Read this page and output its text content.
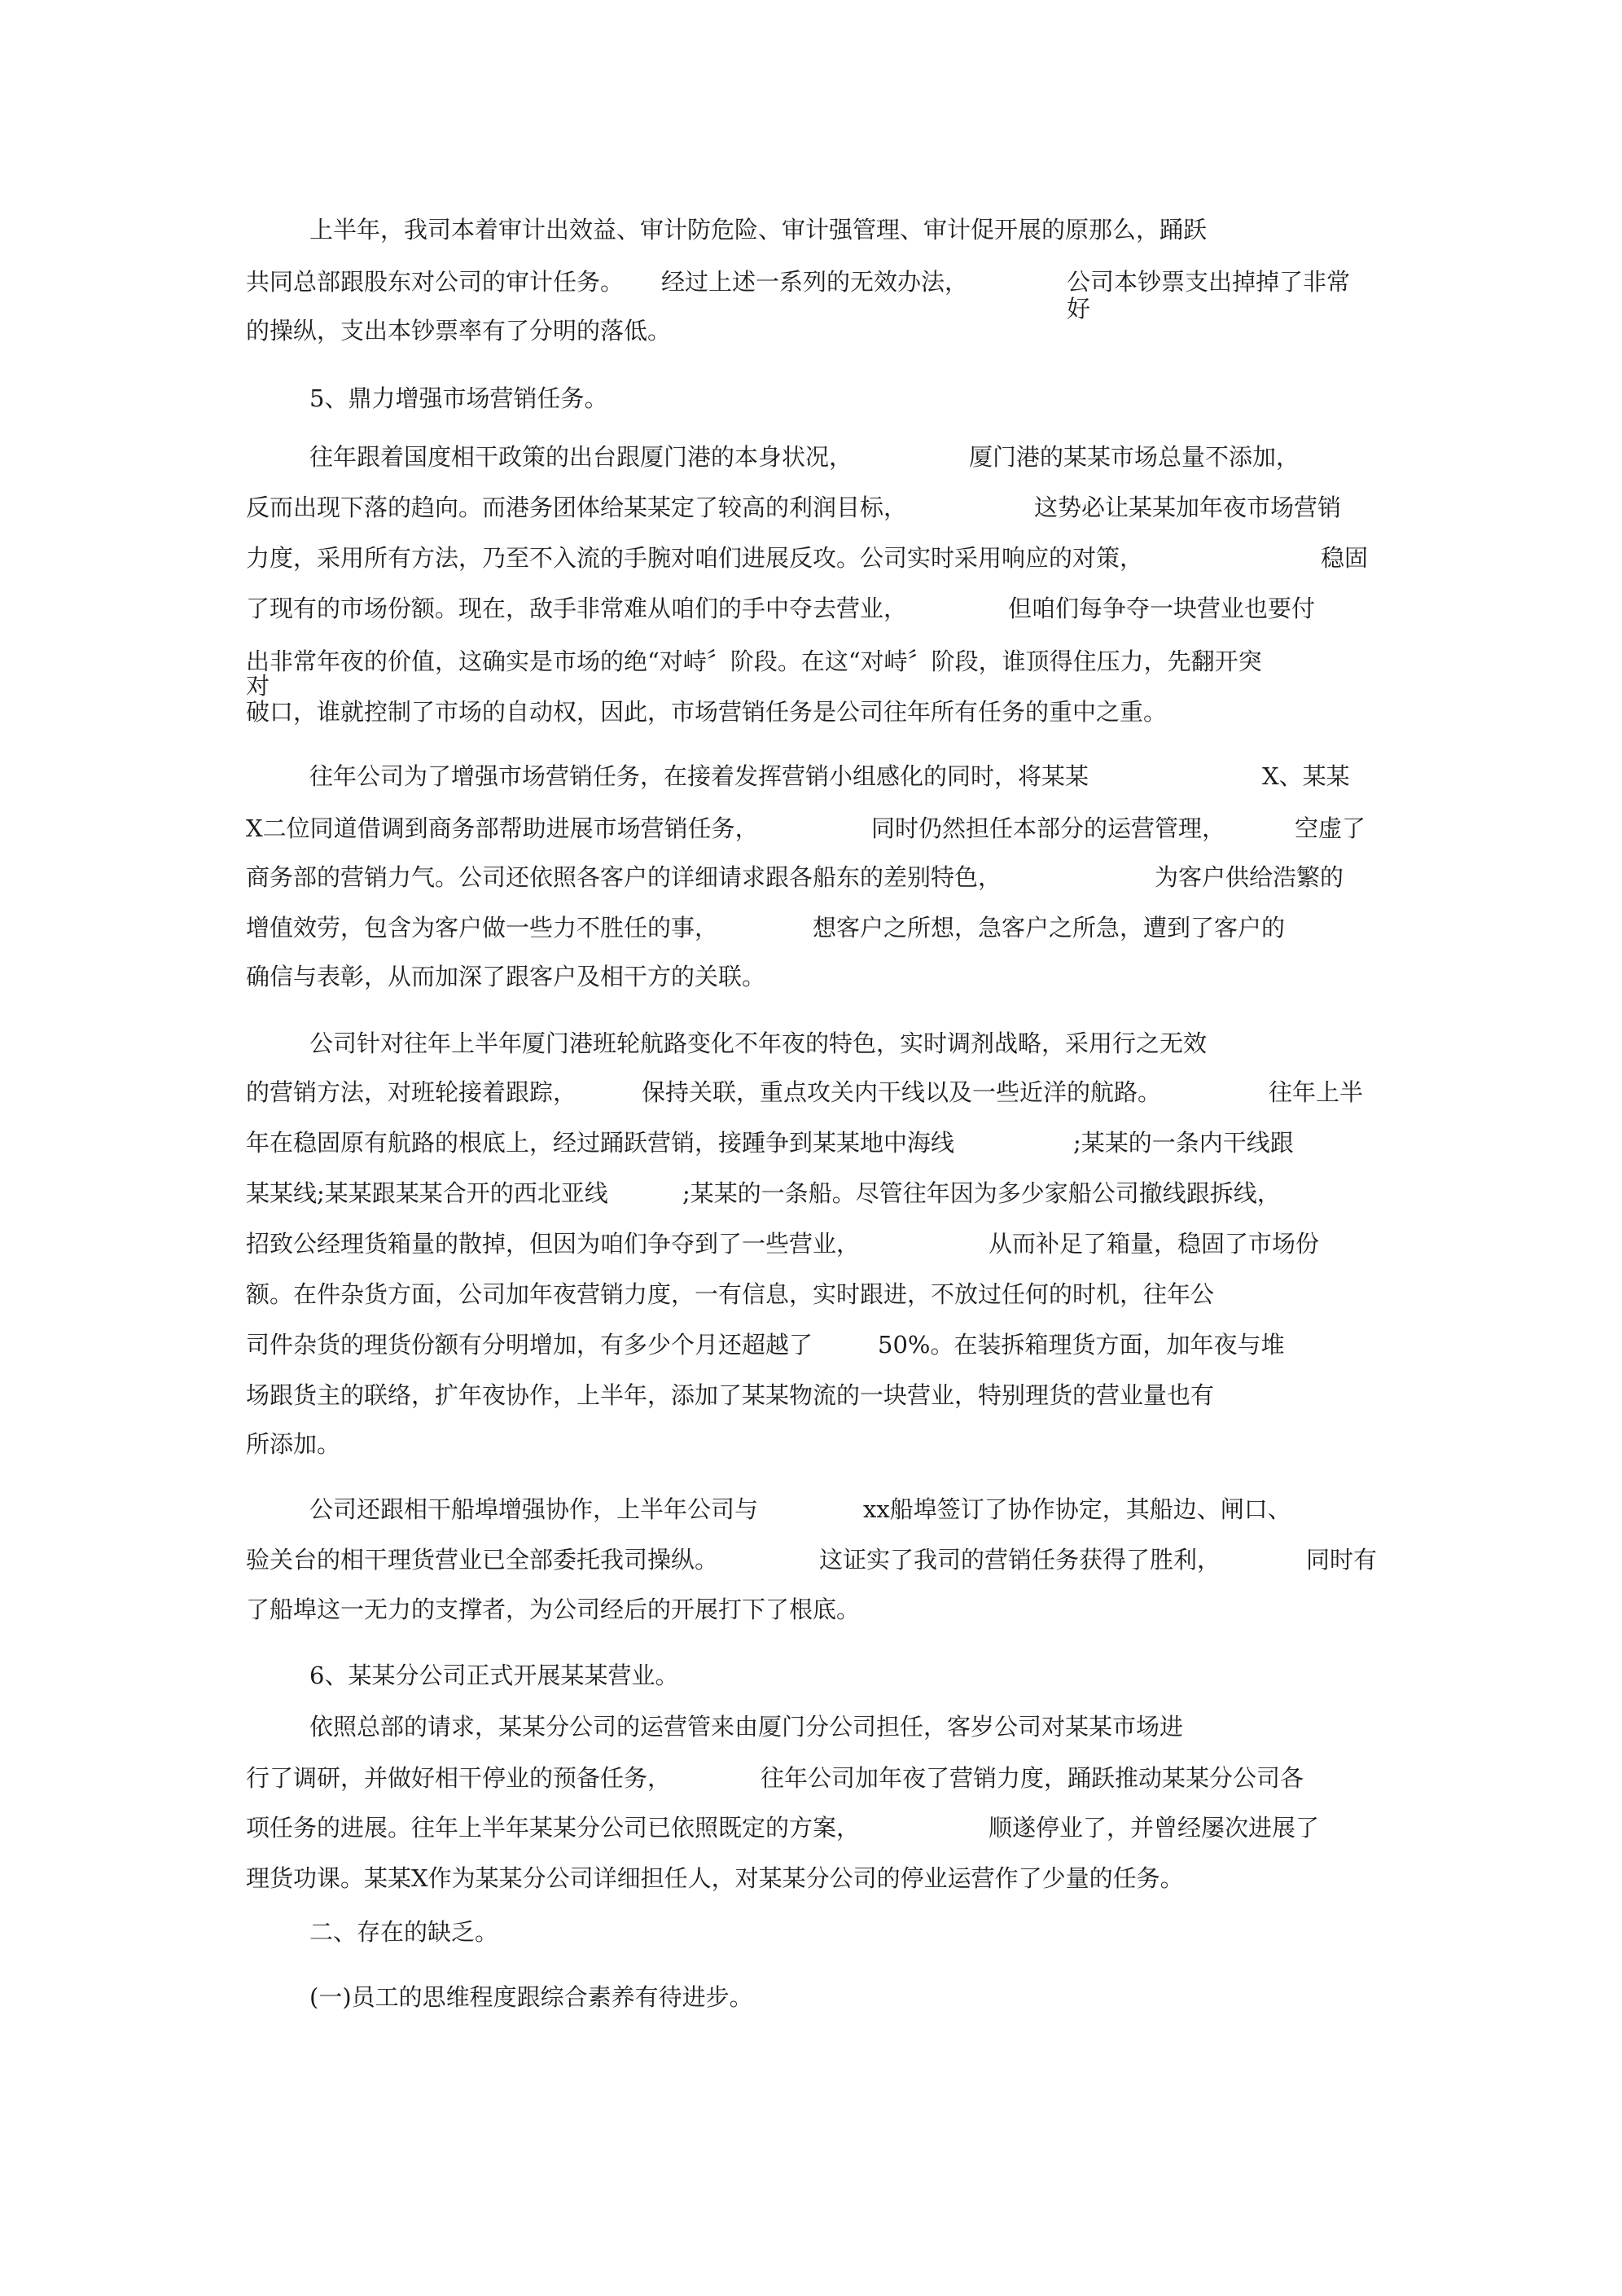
上半年，我司本着审计出效益、审计防危险、审计强管理、审计促开展的原那么，踊跃
共同总部跟股东对公司的审计任务。 经过上述一系列的无效办法，	公司本钞票支出掉掉了非常
好
的操纵，支出本钞票率有了分明的落低。
5、鼎力增强市场营销任务。
往年跟着国度相干政策的出台跟厦门港的本身状况，	厦门港的某某市场总量不添加，
反而出现下落的趋向。而港务团体给某某定了较高的利润目标，	这势必让某某加年夜市场营销
力度，采用所有方法，乃至不入流的手腕对咱们进展反攻。公司实时采用响应的对策，	稳固
了现有的市场份额。现在，敌手非常难从咱们的手中夺去营业，	但咱们每争夺一块营业也要付
出非常年夜的价值，这确实是市场的绝“对峙〞阶段。在这“对峙〞阶段，谁顶得住压力，先翻开突
对
破口，谁就控制了市场的自动权，因此，市场营销任务是公司往年所有任务的重中之重。
往年公司为了增强市场营销任务，在接着发挥营销小组感化的同时，将某某	X、某某
X二位同道借调到商务部帮助进展市场营销任务，	同时仍然担任本部分的运营管理，	空虚了
商务部的营销力气。公司还依照各客户的详细请求跟各船东的差别特色，	为客户供给浩繁的
增值效劳，包含为客户做一些力不胜任的事，	想客户之所想，急客户之所急，遭到了客户的
确信与表彰，从而加深了跟客户及相干方的关联。
公司针对往年上半年厦门港班轮航路变化不年夜的特色，实时调剂战略，采用行之无效
的营销方法，对班轮接着跟踪，	保持关联，重点攻关内干线以及一些近洋的航路。	往年上半
年在稳固原有航路的根底上，经过踊跃营销，接踵争到某某地中海线	;某某的一条内干线跟
某某线;某某跟某某合开的西北亚线	;某某的一条船。尽管往年因为多少家船公司撤线跟拆线，
招致公经理货箱量的散掉，但因为咱们争夺到了一些营业，	从而补足了箱量，稳固了市场份
额。在件杂货方面，公司加年夜营销力度，一有信息，实时跟进，不放过任何的时机，往年公
司件杂货的理货份额有分明增加，有多少个月还超越了	50%。在装拆箱理货方面，加年夜与堆
场跟货主的联络，扩年夜协作，上半年，添加了某某物流的一块营业，特别理货的营业量也有
所添加。
公司还跟相干船埠增强协作，上半年公司与	xx船埠签订了协作协定，其船边、闸口、
验关台的相干理货营业已全部委托我司操纵。	这证实了我司的营销任务获得了胜利，	同时有
了船埠这一无力的支撑者，为公司经后的开展打下了根底。
6、某某分公司正式开展某某营业。
依照总部的请求，某某分公司的运营管来由厦门分公司担任，客岁公司对某某市场进
行了调研，并做好相干停业的预备任务，	往年公司加年夜了营销力度，踊跃推动某某分公司各
项任务的进展。往年上半年某某分公司已依照既定的方案，	顺遂停业了，并曾经屡次进展了
理货功课。某某X作为某某分公司详细担任人，对某某分公司的停业运营作了少量的任务。
二、存在的缺乏。
(一)员工的思维程度跟综合素养有待进步。
